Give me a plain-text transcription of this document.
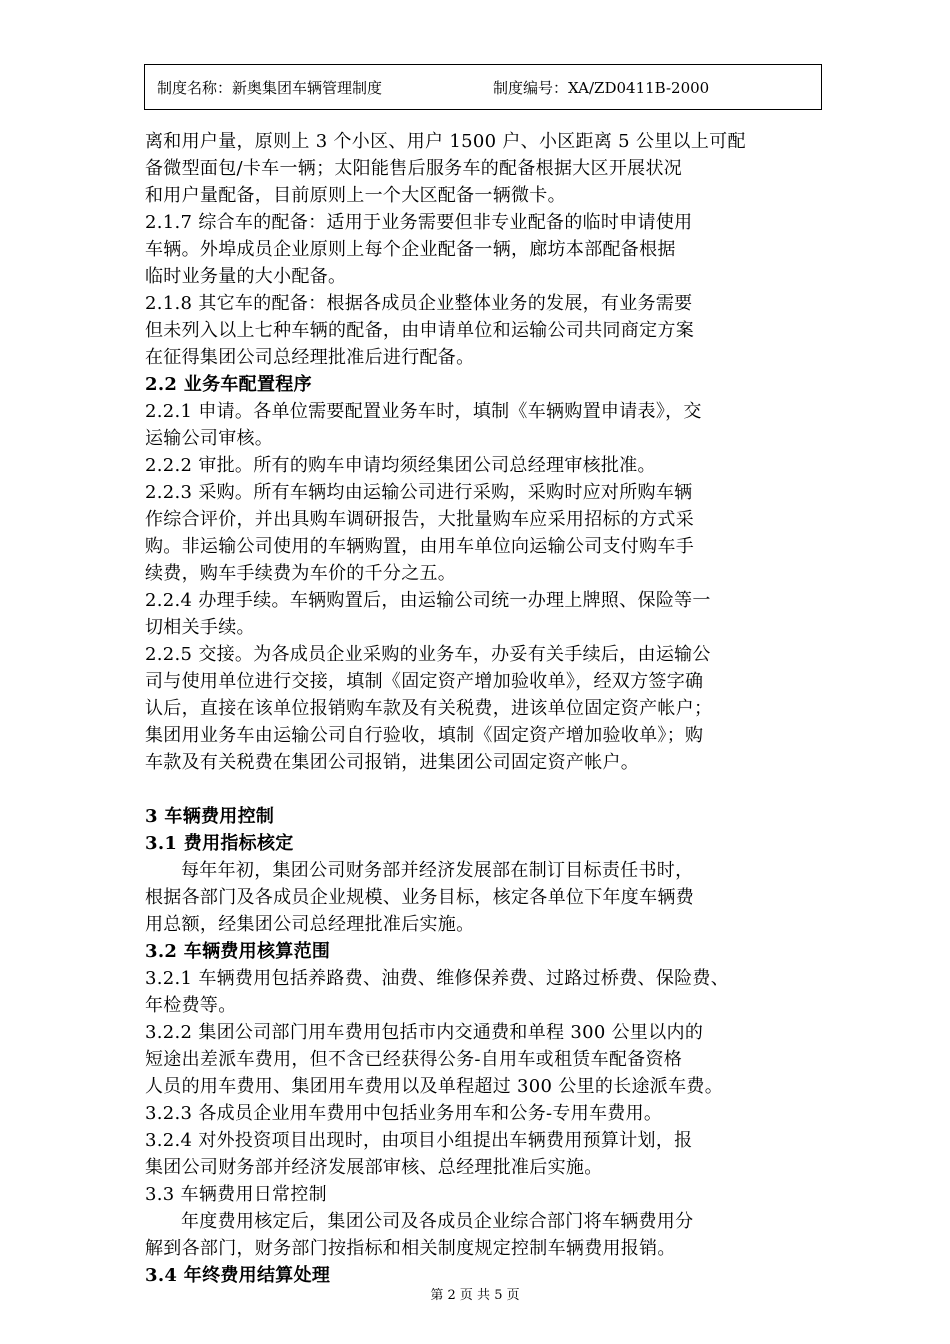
制度名称：新奥集团车辆管理制度	制度编号：XA/ZD0411B-2000
离和用户量，原则上 3 个小区、用户 1500 户、小区距离 5 公里以上可配
备微型面包/卡车一辆；太阳能售后服务车的配备根据大区开展状况
和用户量配备，目前原则上一个大区配备一辆微卡。
2.1.7 综合车的配备：适用于业务需要但非专业配备的临时申请使用
车辆。外埠成员企业原则上每个企业配备一辆，廊坊本部配备根据
临时业务量的大小配备。
2.1.8 其它车的配备：根据各成员企业整体业务的发展，有业务需要
但未列入以上七种车辆的配备，由申请单位和运输公司共同商定方案
在征得集团公司总经理批准后进行配备。
2.2 业务车配置程序
2.2.1 申请。各单位需要配置业务车时，填制《车辆购置申请表》，交
运输公司审核。
2.2.2 审批。所有的购车申请均须经集团公司总经理审核批准。
2.2.3 采购。所有车辆均由运输公司进行采购，采购时应对所购车辆
作综合评价，并出具购车调研报告，大批量购车应采用招标的方式采
购。非运输公司使用的车辆购置，由用车单位向运输公司支付购车手
续费，购车手续费为车价的千分之五。
2.2.4 办理手续。车辆购置后，由运输公司统一办理上牌照、保险等一
切相关手续。
2.2.5 交接。为各成员企业采购的业务车，办妥有关手续后，由运输公
司与使用单位进行交接，填制《固定资产增加验收单》，经双方签字确
认后，直接在该单位报销购车款及有关税费，进该单位固定资产帐户；
集团用业务车由运输公司自行验收，填制《固定资产增加验收单》；购
车款及有关税费在集团公司报销，进集团公司固定资产帐户。
3 车辆费用控制
3.1 费用指标核定
每年年初，集团公司财务部并经济发展部在制订目标责任书时，
根据各部门及各成员企业规模、业务目标，核定各单位下年度车辆费
用总额，经集团公司总经理批准后实施。
3.2 车辆费用核算范围
3.2.1 车辆费用包括养路费、油费、维修保养费、过路过桥费、保险费、
年检费等。
3.2.2 集团公司部门用车费用包括市内交通费和单程 300 公里以内的
短途出差派车费用，但不含已经获得公务-自用车或租赁车配备资格
人员的用车费用、集团用车费用以及单程超过 300 公里的长途派车费。
3.2.3 各成员企业用车费用中包括业务用车和公务-专用车费用。
3.2.4 对外投资项目出现时，由项目小组提出车辆费用预算计划，报
集团公司财务部并经济发展部审核、总经理批准后实施。
3.3 车辆费用日常控制
年度费用核定后，集团公司及各成员企业综合部门将车辆费用分
解到各部门，财务部门按指标和相关制度规定控制车辆费用报销。
3.4 年终费用结算处理
第 2 页 共 5 页
